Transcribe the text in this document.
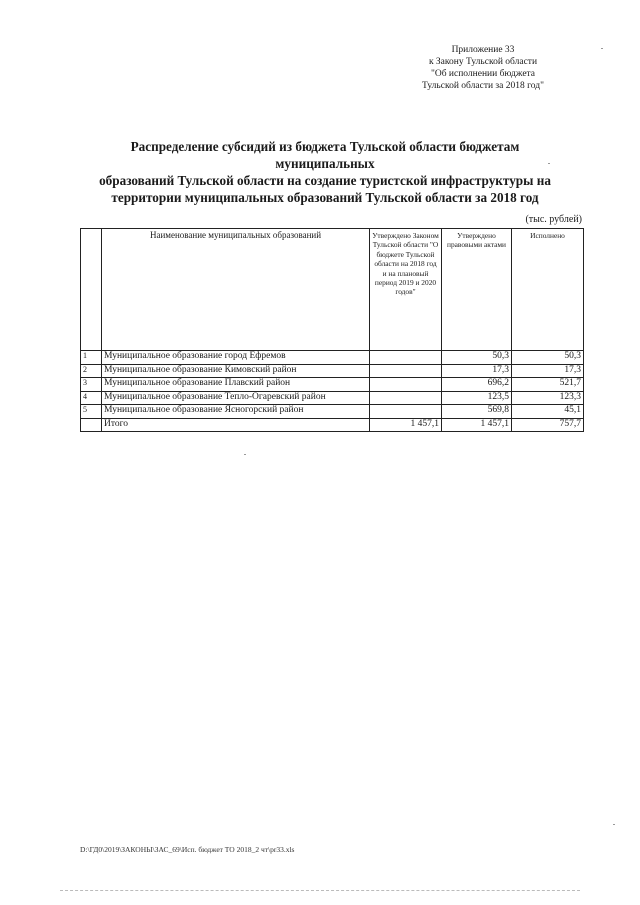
Приложение 33
к Закону Тульской области
"Об исполнении бюджета
Тульской области за 2018 год"
Распределение субсидий из бюджета Тульской области бюджетам муниципальных
образований Тульской области на создание туристской инфраструктуры на
территории муниципальных образований Тульской области за 2018 год
(тыс. рублей)
	Наименование муниципальных образований	Утверждено Законом Тульской области "О бюджете Тульской области на 2018 год и на плановый период 2019 и 2020 годов"	Утверждено правовыми актами	Исполнено
1	Муниципальное образование город Ефремов		50,3	50,3
2	Муниципальное образование Кимовский район		17,3	17,3
3	Муниципальное образование Плавский район		696,2	521,7
4	Муниципальное образование Тепло-Огаревский район		123,5	123,3
5	Муниципальное образование Ясногорский район		569,8	45,1
	Итого	1 457,1	1 457,1	757,7
D:\ГД0\2019\ЗАКОНЫ\ЗАС_69\Исп. бюджет ТО 2018_2 чт\pr33.xls
